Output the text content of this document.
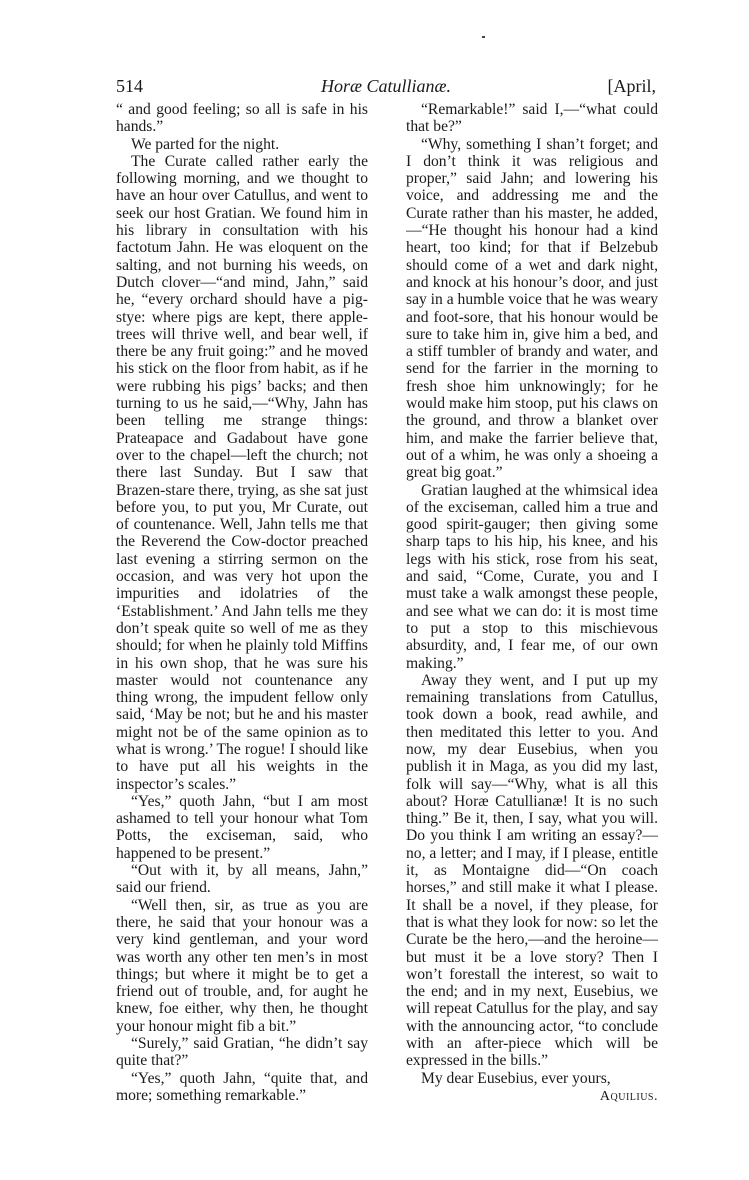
514	Horæ Catullianæ.	[April,

“ and good feeling; so all is safe in his hands.”

We parted for the night.

The Curate called rather early the following morning, and we thought to have an hour over Catullus, and went to seek our host Gratian. We found him in his library in consultation with his factotum Jahn. He was eloquent on the salting, and not burning his weeds, on Dutch clover—“and mind, Jahn,” said he, “every orchard should have a pig-stye: where pigs are kept, there apple-trees will thrive well, and bear well, if there be any fruit going:” and he moved his stick on the floor from habit, as if he were rubbing his pigs’ backs; and then turning to us he said,—“Why, Jahn has been telling me strange things: Prateapace and Gadabout have gone over to the chapel—left the church; not there last Sunday. But I saw that Brazen-stare there, trying, as she sat just before you, to put you, Mr Curate, out of countenance. Well, Jahn tells me that the Reverend the Cow-doctor preached last evening a stirring sermon on the occasion, and was very hot upon the impurities and idolatries of the ‘Establishment.’ And Jahn tells me they don’t speak quite so well of me as they should; for when he plainly told Miffins in his own shop, that he was sure his master would not countenance any thing wrong, the impudent fellow only said, ‘May be not; but he and his master might not be of the same opinion as to what is wrong.’ The rogue! I should like to have put all his weights in the inspector’s scales.”

“Yes,” quoth Jahn, “but I am most ashamed to tell your honour what Tom Potts, the exciseman, said, who happened to be present.”

“Out with it, by all means, Jahn,” said our friend.

“Well then, sir, as true as you are there, he said that your honour was a very kind gentleman, and your word was worth any other ten men’s in most things; but where it might be to get a friend out of trouble, and, for aught he knew, foe either, why then, he thought your honour might fib a bit.”

“Surely,” said Gratian, “he didn’t say quite that?”

“Yes,” quoth Jahn, “quite that, and more; something remarkable.”

“Remarkable!” said I,—“what could that be?”

“Why, something I shan’t forget; and I don’t think it was religious and proper,” said Jahn; and lowering his voice, and addressing me and the Curate rather than his master, he added,—“He thought his honour had a kind heart, too kind; for that if Belzebub should come of a wet and dark night, and knock at his honour’s door, and just say in a humble voice that he was weary and foot-sore, that his honour would be sure to take him in, give him a bed, and a stiff tumbler of brandy and water, and send for the farrier in the morning to fresh shoe him unknowingly; for he would make him stoop, put his claws on the ground, and throw a blanket over him, and make the farrier believe that, out of a whim, he was only a shoeing a great big goat.”

Gratian laughed at the whimsical idea of the exciseman, called him a true and good spirit-gauger; then giving some sharp taps to his hip, his knee, and his legs with his stick, rose from his seat, and said, “Come, Curate, you and I must take a walk amongst these people, and see what we can do: it is most time to put a stop to this mischievous absurdity, and, I fear me, of our own making.”

Away they went, and I put up my remaining translations from Catullus, took down a book, read awhile, and then meditated this letter to you. And now, my dear Eusebius, when you publish it in Maga, as you did my last, folk will say—“Why, what is all this about? Horæ Catullianæ! It is no such thing.” Be it, then, I say, what you will. Do you think I am writing an essay?—no, a letter; and I may, if I please, entitle it, as Montaigne did—“On coach horses,” and still make it what I please. It shall be a novel, if they please, for that is what they look for now: so let the Curate be the hero,—and the heroine—but must it be a love story? Then I won’t forestall the interest, so wait to the end; and in my next, Eusebius, we will repeat Catullus for the play, and say with the announcing actor, “to conclude with an after-piece which will be expressed in the bills.”

My dear Eusebius, ever yours,

Aquilius.
